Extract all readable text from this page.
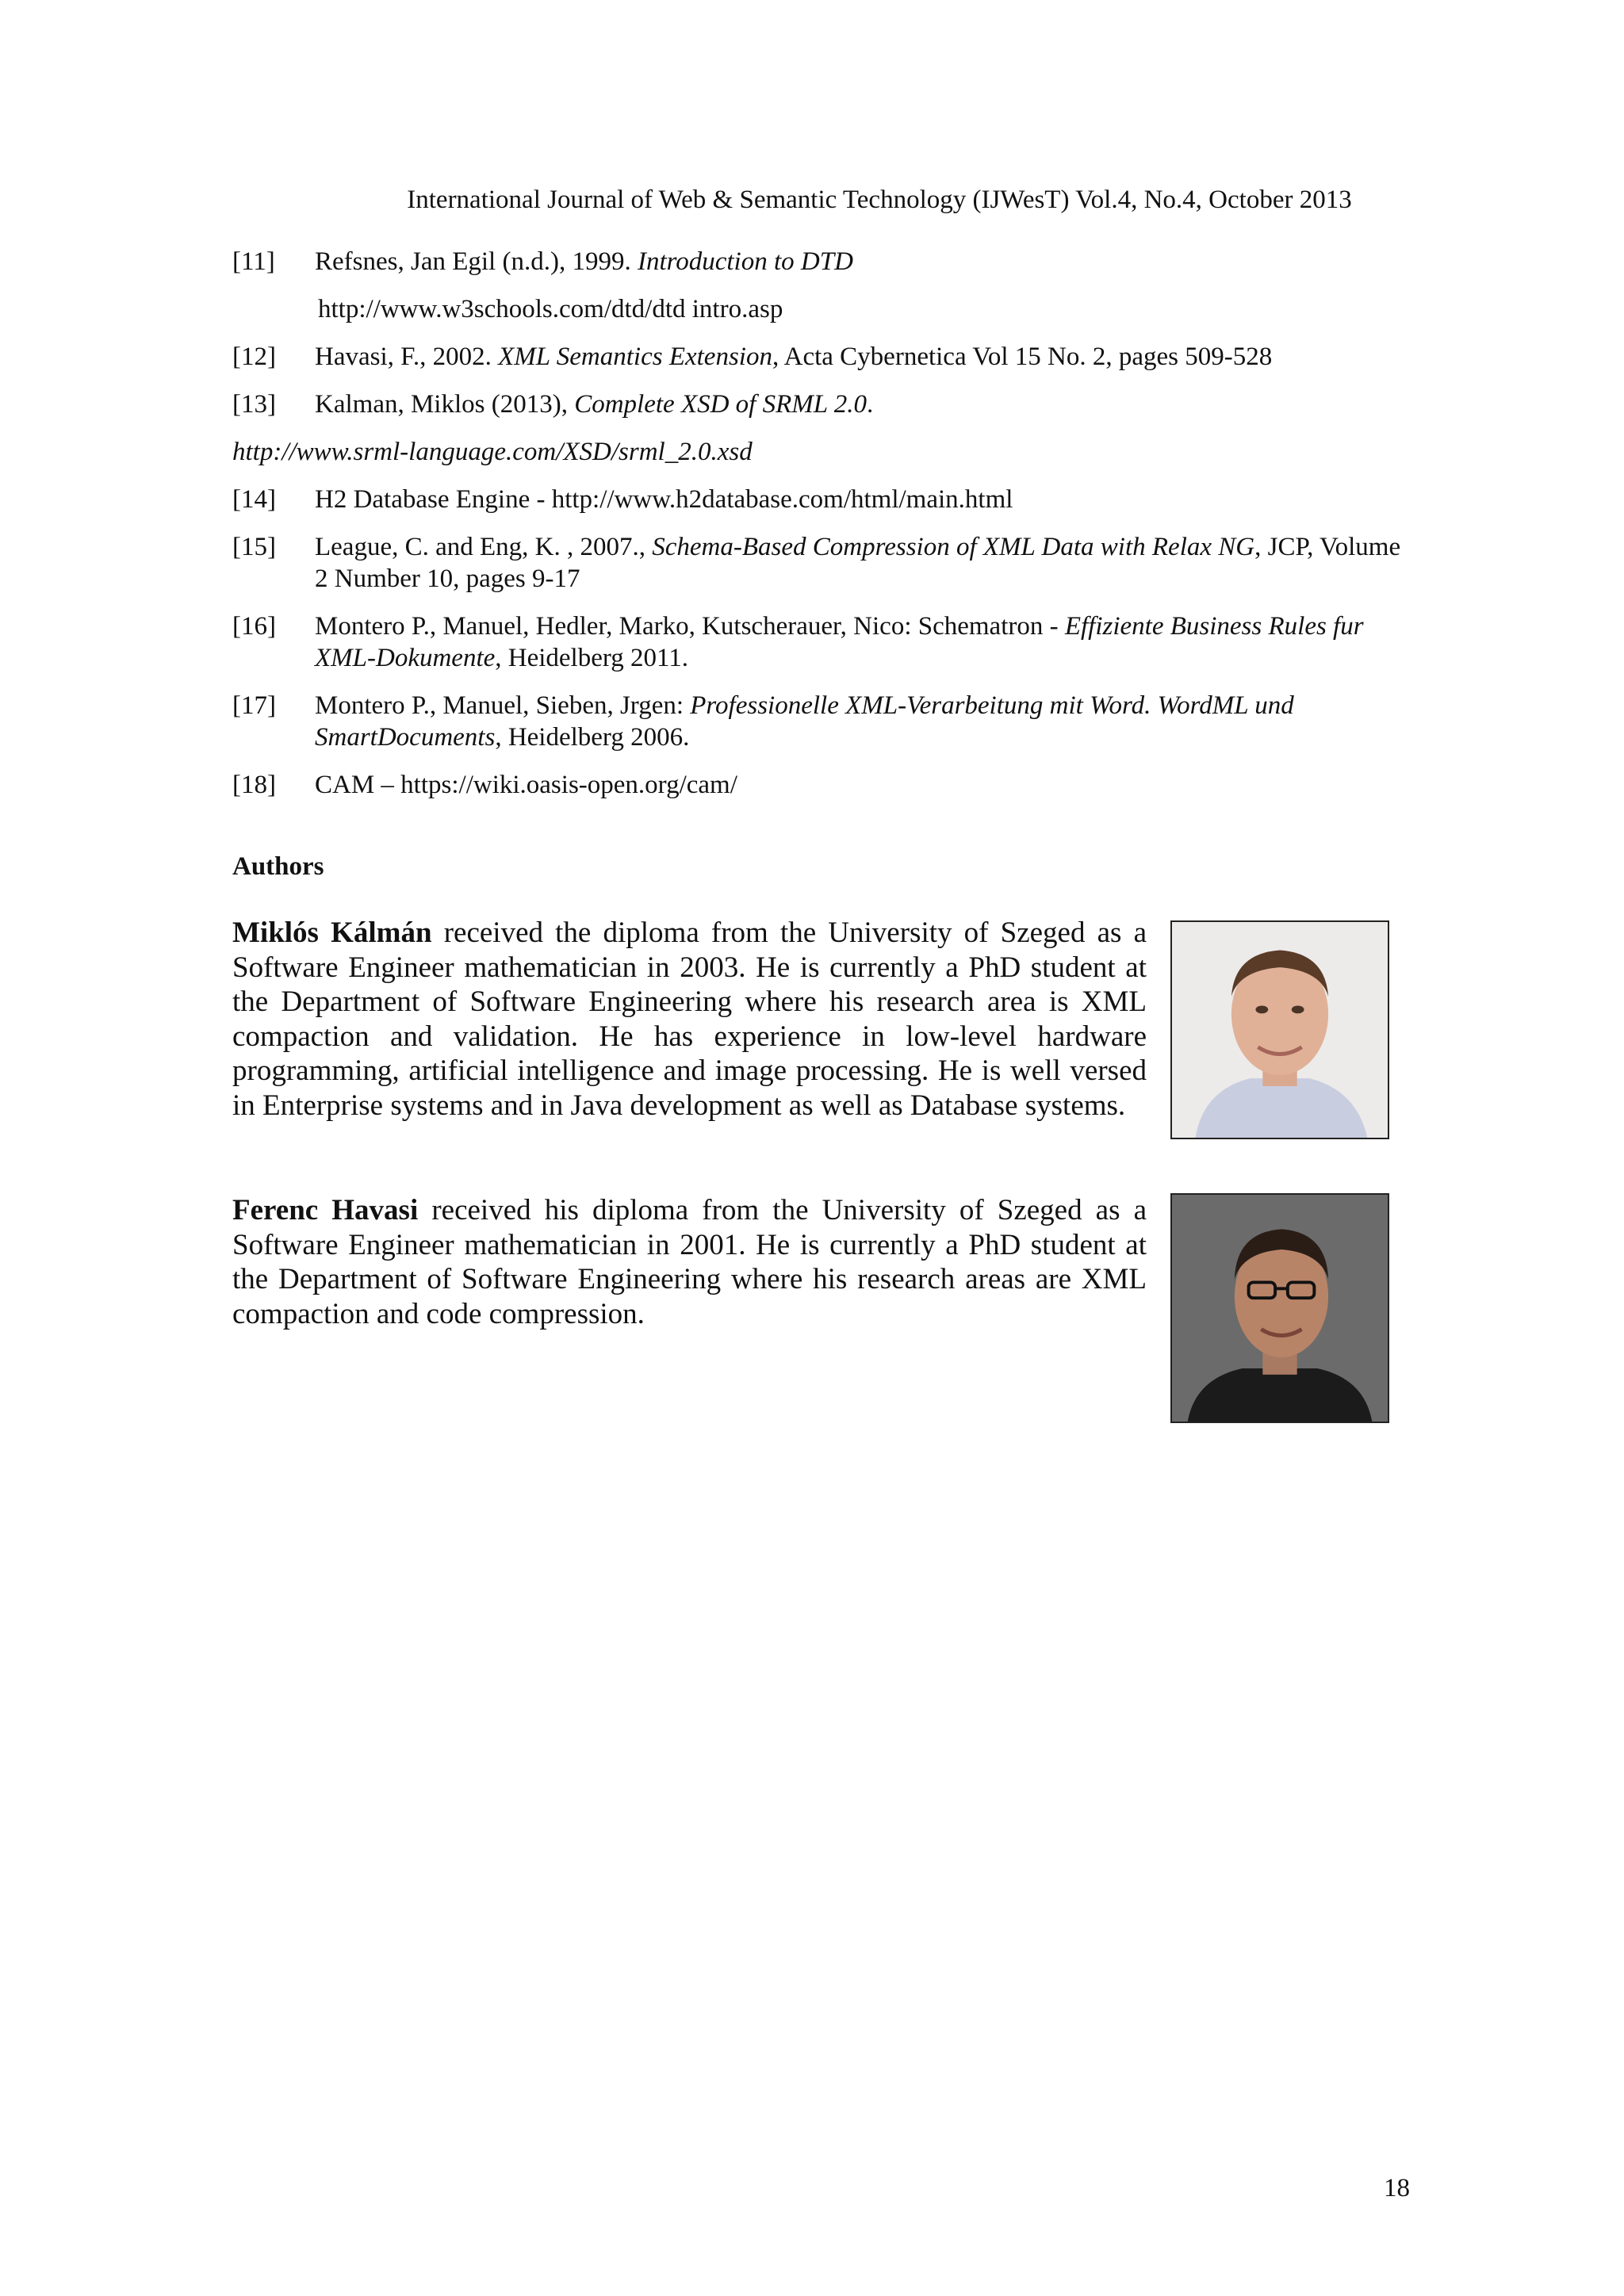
International Journal of Web & Semantic Technology (IJWesT) Vol.4, No.4, October 2013
[11] Refsnes, Jan Egil (n.d.), 1999. Introduction to DTD
http://www.w3schools.com/dtd/dtd intro.asp
[12] Havasi, F., 2002. XML Semantics Extension, Acta Cybernetica Vol 15 No. 2, pages 509-528
[13] Kalman, Miklos (2013), Complete XSD of SRML 2.0.
http://www.srml-language.com/XSD/srml_2.0.xsd
[14] H2 Database Engine - http://www.h2database.com/html/main.html
[15] League, C. and Eng, K. , 2007., Schema-Based Compression of XML Data with Relax NG, JCP, Volume 2 Number 10, pages 9-17
[16] Montero P., Manuel, Hedler, Marko, Kutscherauer, Nico: Schematron - Effiziente Business Rules fur XML-Dokumente, Heidelberg 2011.
[17] Montero P., Manuel, Sieben, Jrgen: Professionelle XML-Verarbeitung mit Word. WordML und SmartDocuments, Heidelberg 2006.
[18] CAM – https://wiki.oasis-open.org/cam/
Authors
Miklós Kálmán received the diploma from the University of Szeged as a Software Engineer mathematician in 2003. He is currently a PhD student at the Department of Software Engineering where his research area is XML compaction and validation. He has experience in low-level hardware programming, artificial intelligence and image processing. He is well versed in Enterprise systems and in Java development as well as Database systems.
Ferenc Havasi received his diploma from the University of Szeged as a Software Engineer mathematician in 2001. He is currently a PhD student at the Department of Software Engineering where his research areas are XML compaction and code compression.
18
